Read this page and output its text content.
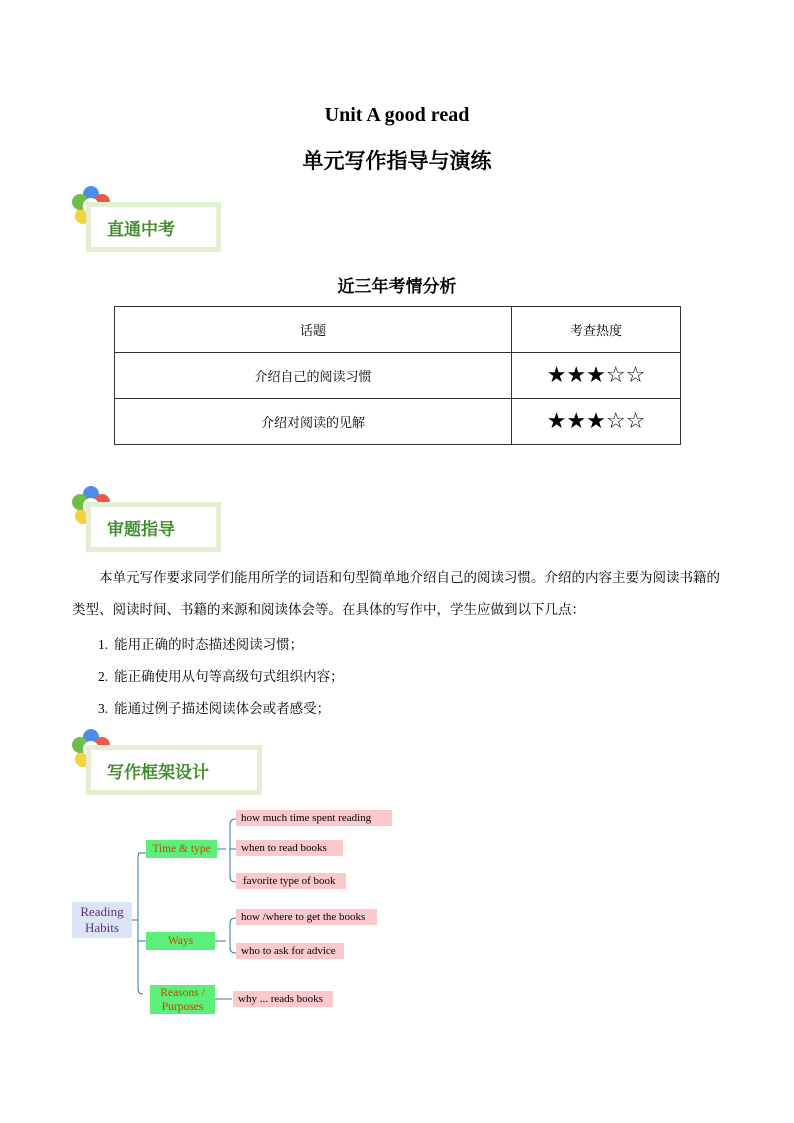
Unit A good read
单元写作指导与演练
直通中考
近三年考情分析
话题	考查热度
介绍自己的阅读习惯	★★★☆☆
介绍对阅读的见解	★★★☆☆
审题指导
本单元写作要求同学们能用所学的词语和句型简单地介绍自己的阅读习惯。介绍的内容主要为阅读书籍的类型、阅读时间、书籍的来源和阅读体会等。在具体的写作中，学生应做到以下几点：
1. 能用正确的时态描述阅读习惯；
2. 能正确使用从句等高级句式组织内容；
3. 能通过例子描述阅读体会或者感受；
写作框架设计
Reading
Habits
Time & type
Ways
Reasons /
Purposes
how much time spent reading
when to read books
favorite type of book
how /where to get the books
who to ask for advice
why ... reads books
